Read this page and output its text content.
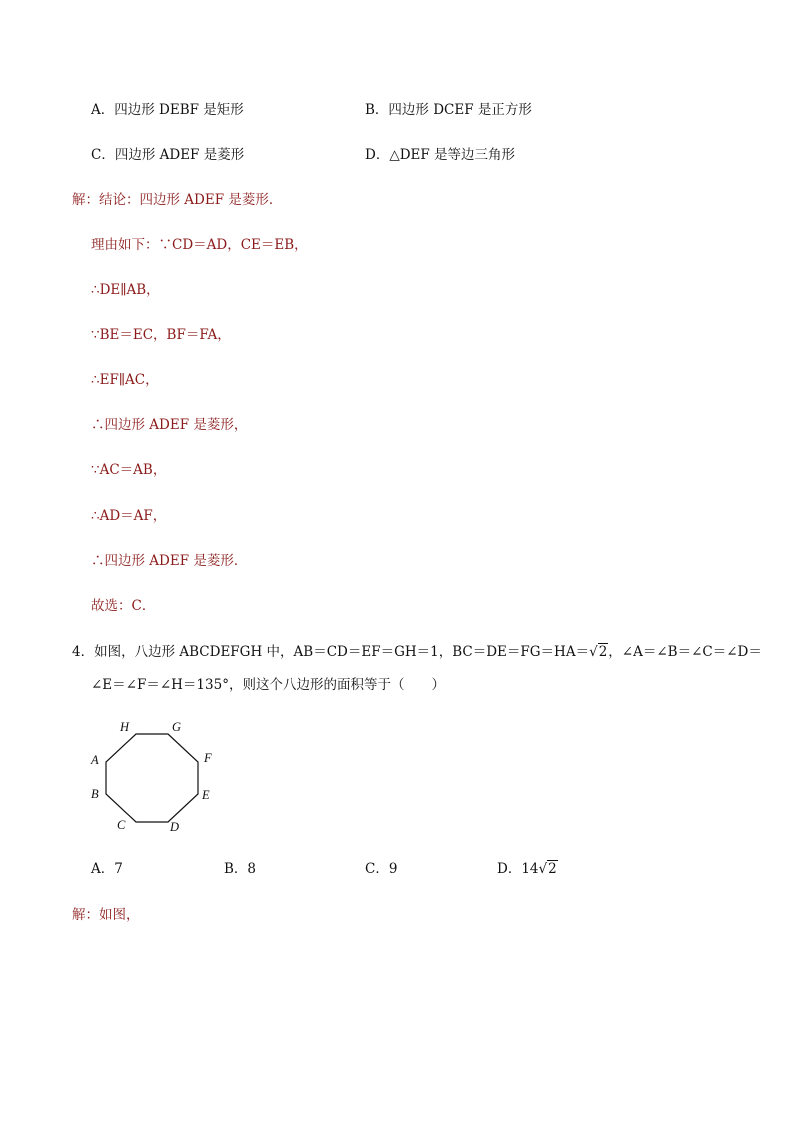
A．四边形 DEBF 是矩形	B．四边形 DCEF 是正方形
C．四边形 ADEF 是菱形	D．△DEF 是等边三角形
解：结论：四边形 ADEF 是菱形．
理由如下：∵CD＝AD，CE＝EB，
∴DE∥AB，
∵BE＝EC，BF＝FA，
∴EF∥AC，
∴四边形 ADEF 是菱形，
∵AC＝AB，
∴AD＝AF，
∴四边形 ADEF 是菱形．
故选：C．
4．如图，八边形 ABCDEFGH 中，AB＝CD＝EF＝GH＝1，BC＝DE＝FG＝HA＝√2，∠A＝∠B＝∠C＝∠D＝
∠E＝∠F＝∠H＝135°，则这个八边形的面积等于（　　）
H	G
A	F
B	E
C	D
A．7	B．8	C．9	D．14√2
解：如图，
